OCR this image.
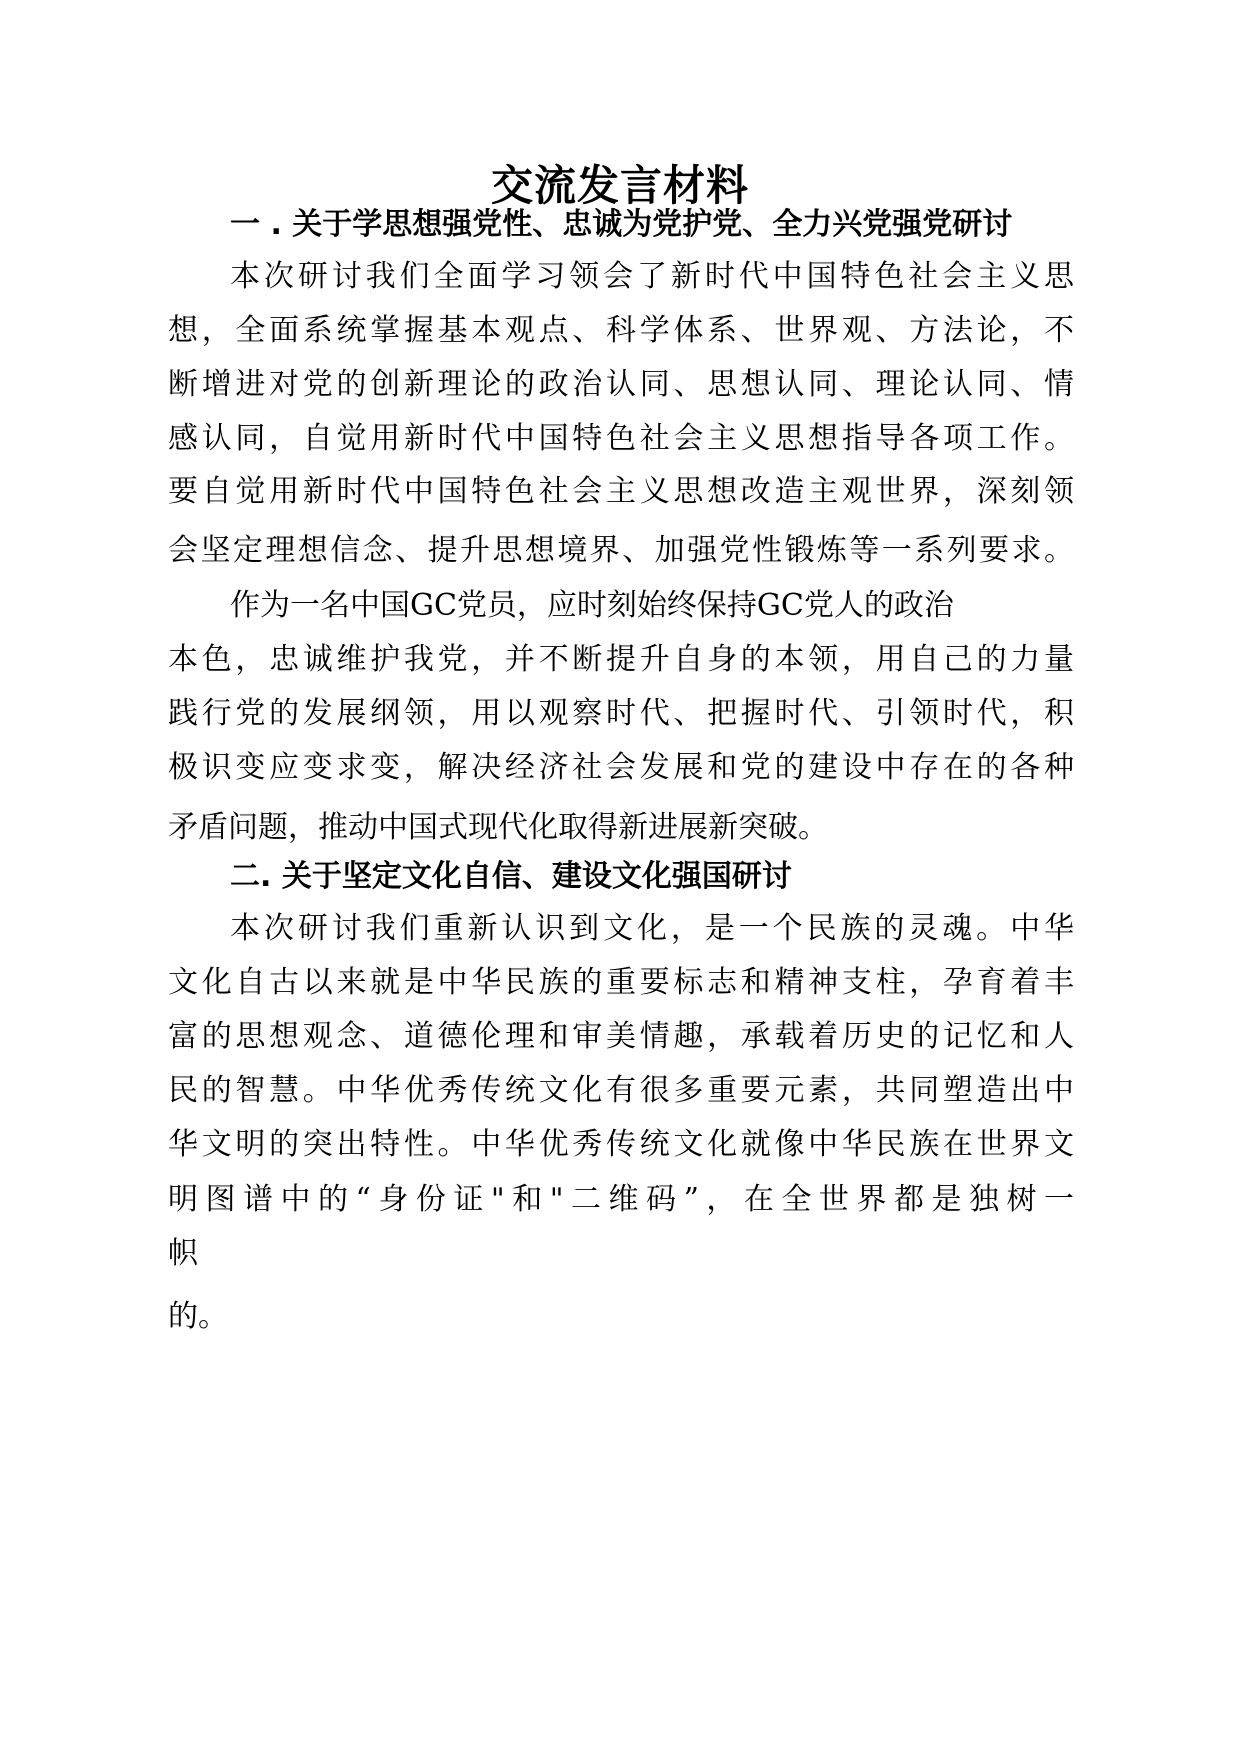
交流发言材料
一 . 关于学思想强党性、忠诚为党护党、全力兴党强党研讨
本次研讨我们全面学习领会了新时代中国特色社会主义思
想，全面系统掌握基本观点、科学体系、世界观、方法论，不
断增进对党的创新理论的政治认同、思想认同、理论认同、情
感认同，自觉用新时代中国特色社会主义思想指导各项工作。
要自觉用新时代中国特色社会主义思想改造主观世界，深刻领
会坚定理想信念、提升思想境界、加强党性锻炼等一系列要求。
作为一名中国GC党员，应时刻始终保持GC党人的政治
本色，忠诚维护我党，并不断提升自身的本领，用自己的力量
践行党的发展纲领，用以观察时代、把握时代、引领时代，积
极识变应变求变，解决经济社会发展和党的建设中存在的各种
矛盾问题，推动中国式现代化取得新进展新突破。
二. 关于坚定文化自信、建设文化强国研讨
本次研讨我们重新认识到文化，是一个民族的灵魂。中华
文化自古以来就是中华民族的重要标志和精神支柱，孕育着丰
富的思想观念、道德伦理和审美情趣，承载着历史的记忆和人
民的智慧。中华优秀传统文化有很多重要元素，共同塑造出中
华文明的突出特性。中华优秀传统文化就像中华民族在世界文
明图谱中的“身份证"和"二维码”，在全世界都是独树一
帜
的。
